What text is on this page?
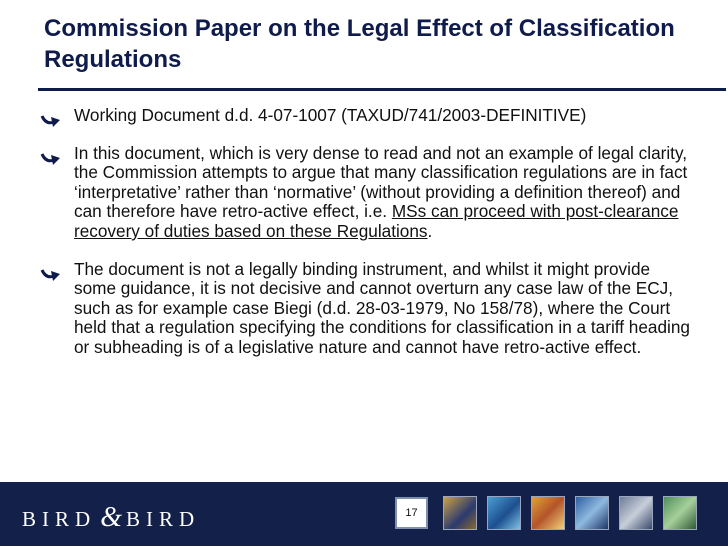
Commission Paper on the Legal Effect of Classification Regulations
Working Document d.d. 4-07-1007 (TAXUD/741/2003-DEFINITIVE)
In this document, which is very dense to read and not an example of legal clarity, the Commission attempts to argue that many classification regulations are in fact ‘interpretative’ rather than ‘normative’ (without providing a definition thereof) and can therefore have retro-active effect, i.e. MSs can proceed with post-clearance recovery of duties based on these Regulations.
The document is not a legally binding instrument, and whilst it might provide some guidance, it is not decisive and cannot overturn any case law of the ECJ, such as for example case Biegi (d.d. 28-03-1979, No 158/78), where the Court held that a regulation specifying the conditions for classification in a tariff heading or subheading is of a legislative nature and cannot have retro-active effect.
BIRD & BIRD	17
